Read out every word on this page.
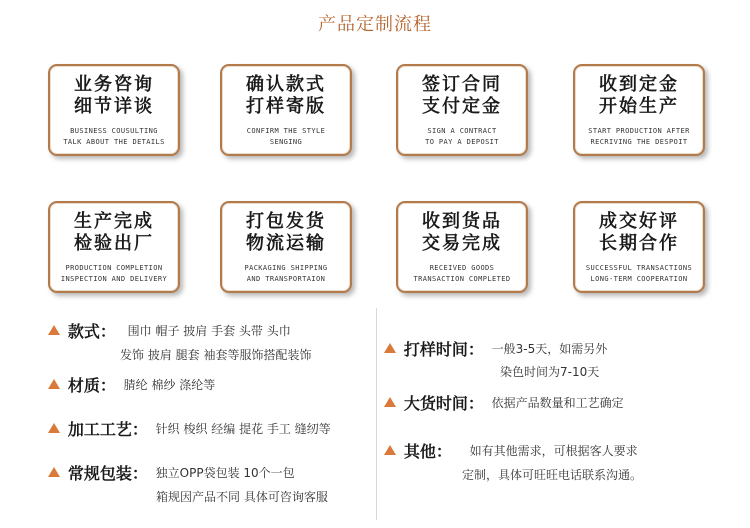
产品定制流程
业务咨询
细节详谈
BUSINESS COUSULTING
TALK ABOUT THE DETAILS
确认款式
打样寄版
CONFIRM THE STYLE
SENGING
签订合同
支付定金
SIGN A CONTRACT
TO PAY A DEPOSIT
收到定金
开始生产
START PRODUCTION AFTER
RECRIVING THE DESPOIT
生产完成
检验出厂
PRODUCTION COMPLETION
INSPECTION AND DELIVERY
打包发货
物流运输
PACKAGING SHIPPING
AND TRANSPORTAION
收到货品
交易完成
RECEIVED GOODS
TRANSACTION COMPLETED
成交好评
长期合作
SUCCESSFUL TRANSACTIONS
LONG-TERM COOPERATION
款式： 围巾 帽子 披肩 手套 头带 头巾
发饰 披肩 腿套 袖套等服饰搭配装饰
材质： 腈纶 棉纱 涤纶等
加工工艺： 针织 梭织 经编 提花 手工 缝纫等
常规包装： 独立OPP袋包装 10个一包
箱规因产品不同 具体可咨询客服
打样时间： 一般3-5天，如需另外
染色时间为7-10天
大货时间： 依据产品数量和工艺确定
其他： 如有其他需求，可根据客人要求
定制，具体可旺旺电话联系沟通。
